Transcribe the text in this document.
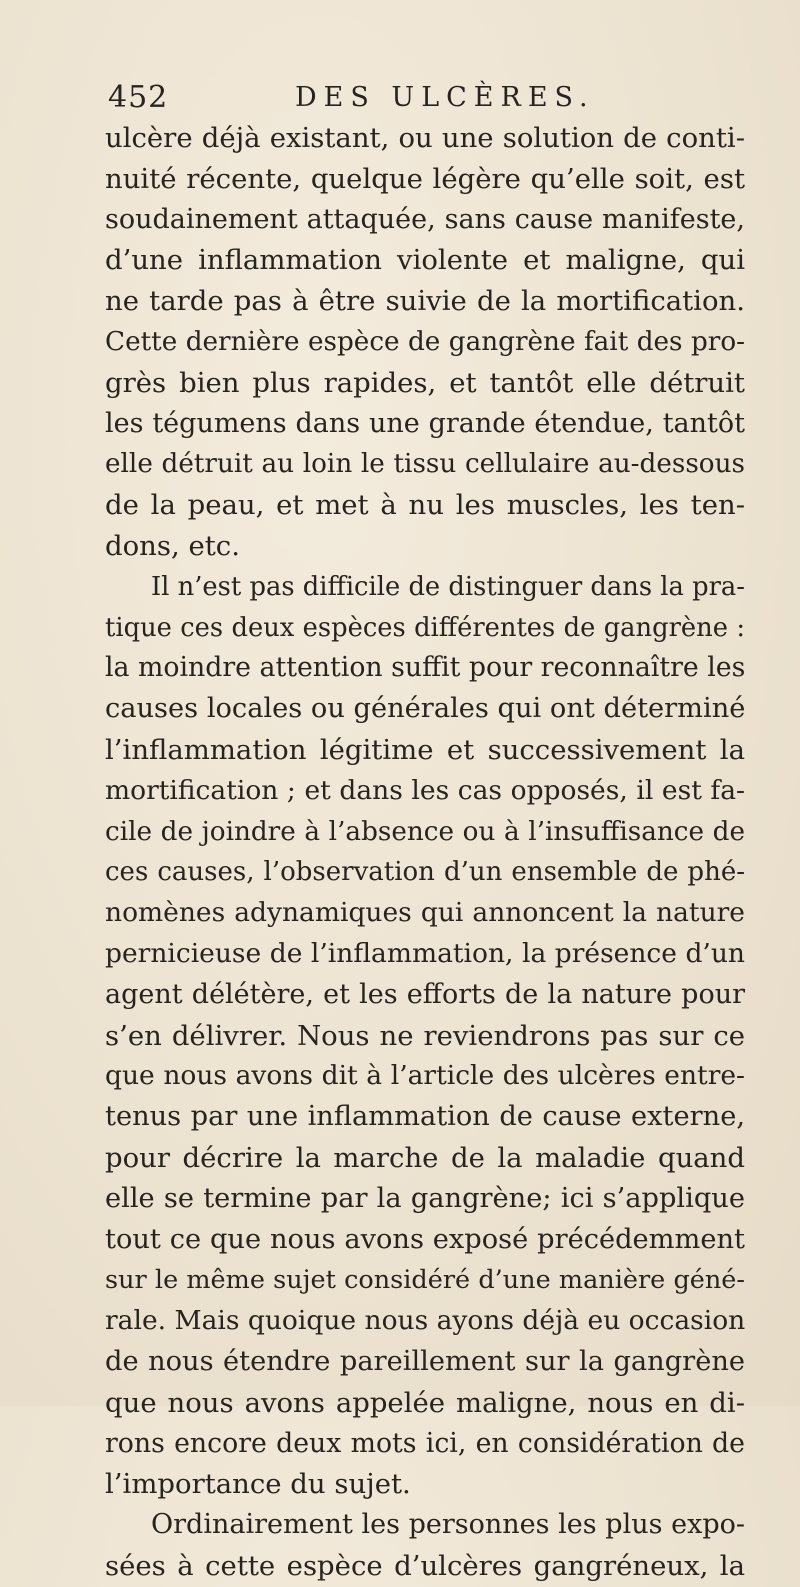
452	DES ULCÈRES.
ulcère déjà existant, ou une solution de conti-
nuité récente, quelque légère qu’elle soit, est
soudainement attaquée, sans cause manifeste,
d’une inflammation violente et maligne, qui
ne tarde pas à être suivie de la mortification.
Cette dernière espèce de gangrène fait des pro-
grès bien plus rapides, et tantôt elle détruit
les tégumens dans une grande étendue, tantôt
elle détruit au loin le tissu cellulaire au-dessous
de la peau, et met à nu les muscles, les ten-
dons, etc.
Il n’est pas difficile de distinguer dans la pra-
tique ces deux espèces différentes de gangrène :
la moindre attention suffit pour reconnaître les
causes locales ou générales qui ont déterminé
l’inflammation légitime et successivement la
mortification ; et dans les cas opposés, il est fa-
cile de joindre à l’absence ou à l’insuffisance de
ces causes, l’observation d’un ensemble de phé-
nomènes adynamiques qui annoncent la nature
pernicieuse de l’inflammation, la présence d’un
agent délétère, et les efforts de la nature pour
s’en délivrer. Nous ne reviendrons pas sur ce
que nous avons dit à l’article des ulcères entre-
tenus par une inflammation de cause externe,
pour décrire la marche de la maladie quand
elle se termine par la gangrène; ici s’applique
tout ce que nous avons exposé précédemment
sur le même sujet considéré d’une manière géné-
rale. Mais quoique nous ayons déjà eu occasion
de nous étendre pareillement sur la gangrène
que nous avons appelée maligne, nous en di-
rons encore deux mots ici, en considération de
l’importance du sujet.
Ordinairement les personnes les plus expo-
sées à cette espèce d’ulcères gangréneux, la
